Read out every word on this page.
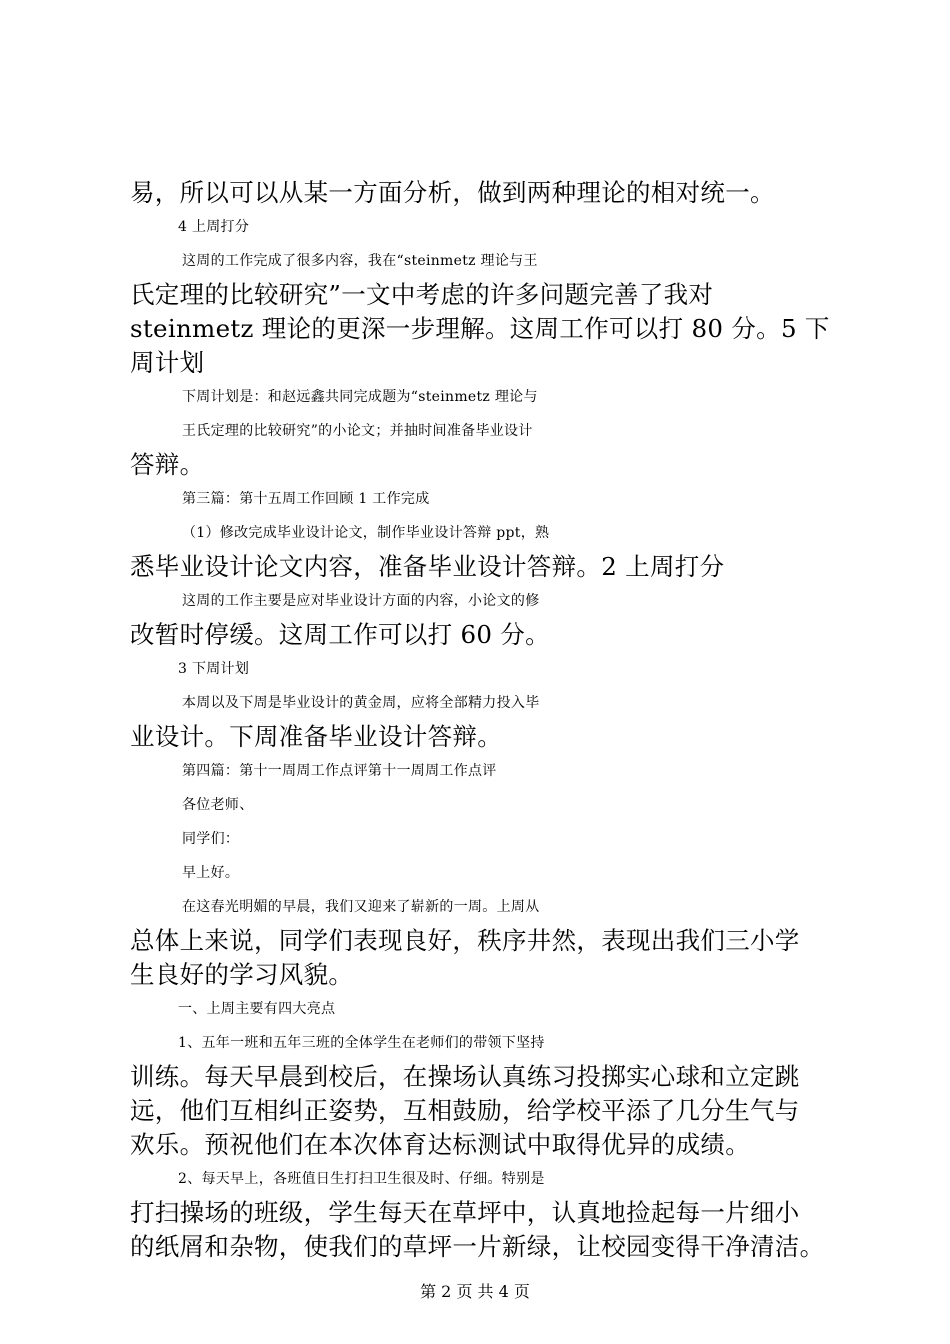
易，所以可以从某一方面分析，做到两种理论的相对统一。
4 上周打分
这周的工作完成了很多内容，我在“steinmetz 理论与王
氏定理的比较研究”一文中考虑的许多问题完善了我对
steinmetz 理论的更深一步理解。这周工作可以打 80 分。5 下
周计划
下周计划是：和赵远鑫共同完成题为“steinmetz 理论与
王氏定理的比较研究”的小论文；并抽时间准备毕业设计
答辩。
第三篇：第十五周工作回顾 1 工作完成
（1）修改完成毕业设计论文，制作毕业设计答辩 ppt，熟
悉毕业设计论文内容，准备毕业设计答辩。2 上周打分
这周的工作主要是应对毕业设计方面的内容，小论文的修
改暂时停缓。这周工作可以打 60 分。
3 下周计划
本周以及下周是毕业设计的黄金周，应将全部精力投入毕
业设计。下周准备毕业设计答辩。
第四篇：第十一周周工作点评第十一周周工作点评
各位老师、
同学们：
早上好。
在这春光明媚的早晨，我们又迎来了崭新的一周。上周从
总体上来说，同学们表现良好，秩序井然，表现出我们三小学
生良好的学习风貌。
一、上周主要有四大亮点
1、五年一班和五年三班的全体学生在老师们的带领下坚持
训练。每天早晨到校后，在操场认真练习投掷实心球和立定跳
远，他们互相纠正姿势，互相鼓励，给学校平添了几分生气与
欢乐。预祝他们在本次体育达标测试中取得优异的成绩。
2、每天早上，各班值日生打扫卫生很及时、仔细。特别是
打扫操场的班级，学生每天在草坪中，认真地捡起每一片细小
的纸屑和杂物，使我们的草坪一片新绿，让校园变得干净清洁。
第 2 页 共 4 页
